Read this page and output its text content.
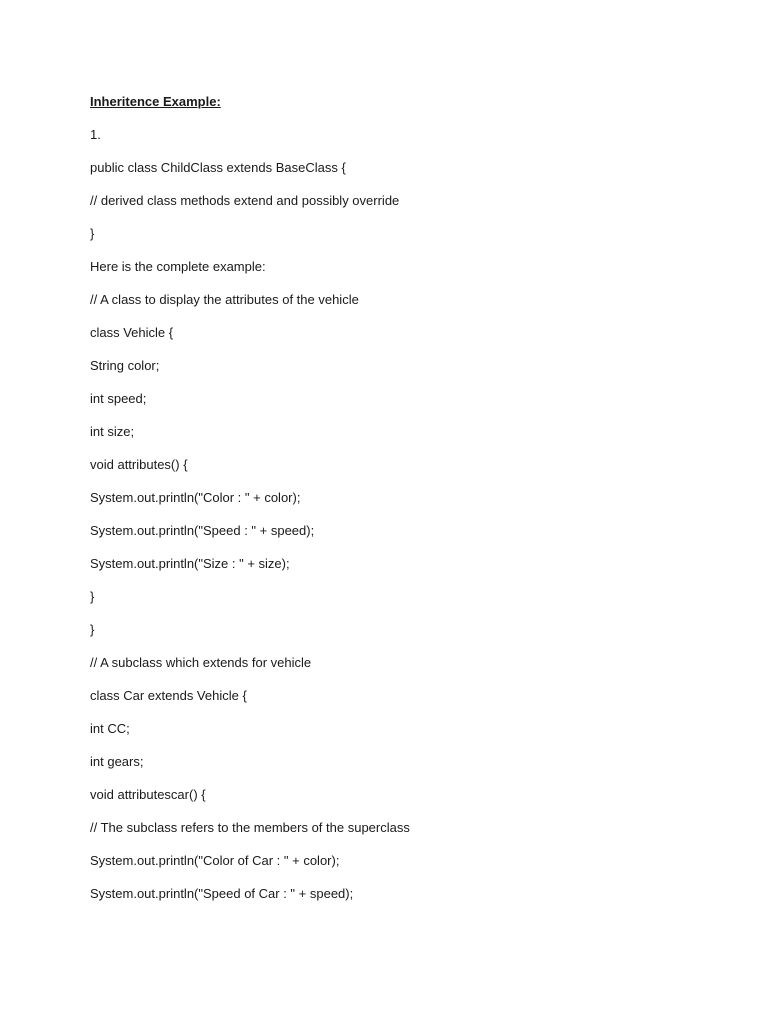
Inheritence Example:
1.
public class ChildClass extends BaseClass {
// derived class methods extend and possibly override
}
Here is the complete example:
// A class to display the attributes of the vehicle
class Vehicle {
String color;
int speed;
int size;
void attributes() {
System.out.println("Color : " + color);
System.out.println("Speed : " + speed);
System.out.println("Size : " + size);
}
}
// A subclass which extends for vehicle
class Car extends Vehicle {
int CC;
int gears;
void attributescar() {
// The subclass refers to the members of the superclass
System.out.println("Color of Car : " + color);
System.out.println("Speed of Car : " + speed);
